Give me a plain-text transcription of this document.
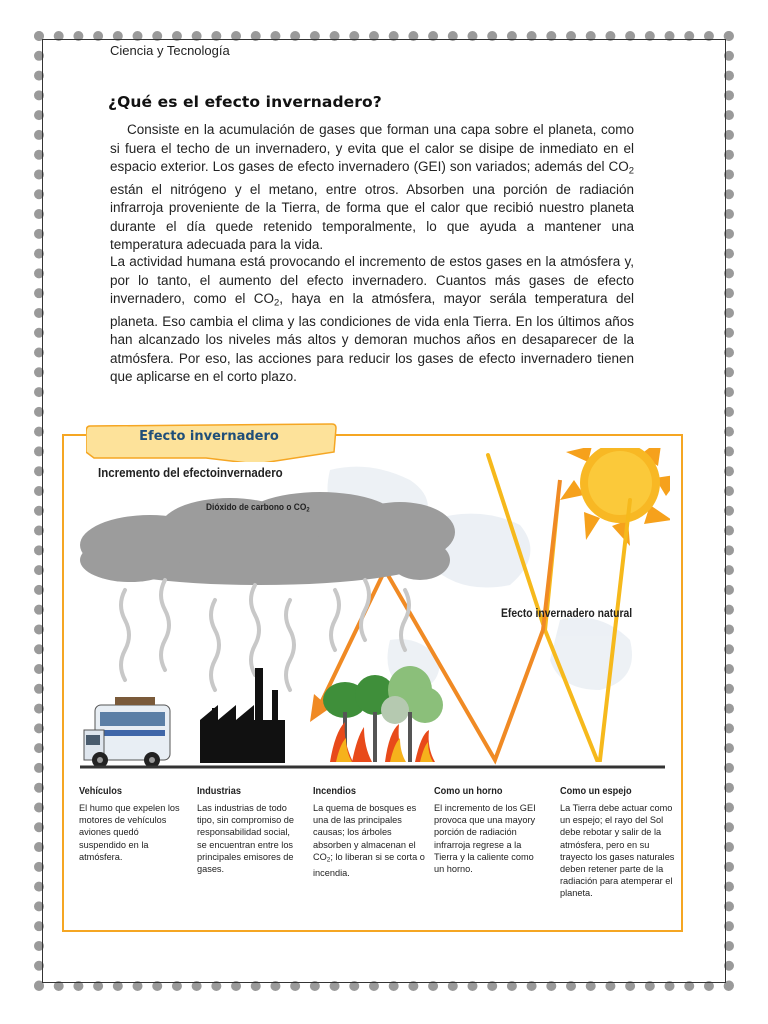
Ciencia y Tecnología
¿Qué es el efecto invernadero?

Consiste en la acumulación de gases que forman una capa sobre el planeta, como si fuera el techo de un invernadero, y evita que el calor se disipe de inmediato en el espacio exterior. Los gases de efecto invernadero (GEI) son variados; además del $CO_2$ están el nitrógeno y el metano, entre otros. Absorben una porción de radiación infrarroja proveniente de la Tierra, de forma que el calor que recibió nuestro planeta durante el día quede retenido temporalmente, lo que ayuda a mantener una temperatura adecuada para la vida.

La actividad humana está provocando el incremento de estos gases en la atmósfera y, por lo tanto, el aumento del efecto invernadero. Cuantos más gases de efecto invernadero, como el $CO_2$, haya en la atmósfera, mayor serála temperatura del planeta. Eso cambia el clima y las condiciones de vida enla Tierra. En los últimos años han alcanzado los niveles más altos y demoran muchos años en desaparecer de la atmósfera. Por eso, las acciones para reducir los gases de efecto invernadero tienen que aplicarse en el corto plazo.

Efecto invernadero
Incremento del efectoinvernadero
Dióxido de carbono o $CO_2$
Efecto invernadero natural
Vehículos
El humo que expelen los motores de vehículos aviones quedó suspendido en la atmósfera.
Industrias
Las industrias de todo tipo, sin compromiso de responsabilidad social, se encuentran entre los principales emisores de gases.
Incendios
La quema de bosques es una de las principales causas; los árboles absorben y almacenan el $CO_2$; lo liberan si se corta o incendia.
Como un horno
El incremento de los GEI provoca que una mayory porción de radiación infrarroja regrese a la Tierra y la caliente como un horno.
Como un espejo
La Tierra debe actuar como un espejo; el rayo del Sol debe rebotar y salir de la atmósfera, pero en su trayecto los gases naturales deben retener parte de la radiación para atemperar el planeta.
